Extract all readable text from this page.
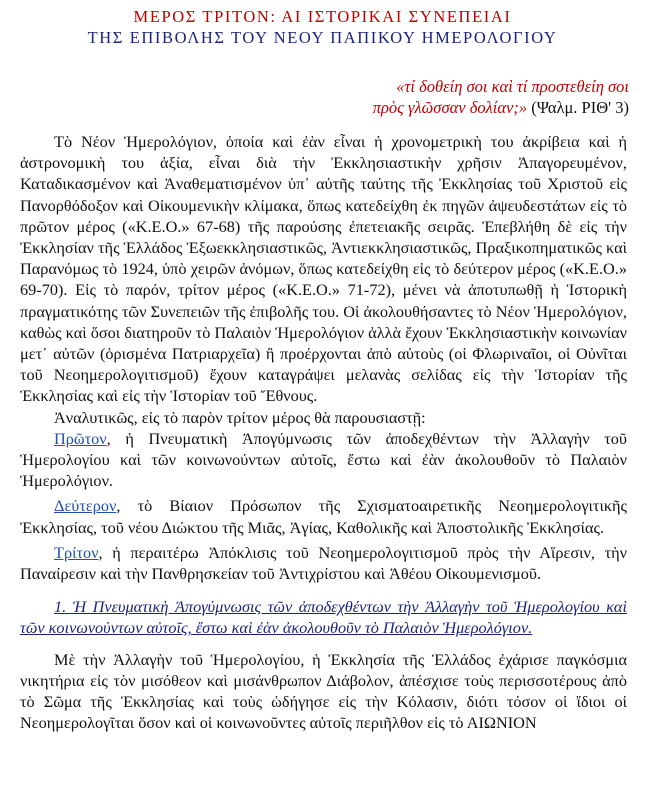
ΜΕΡΟΣ ΤΡΙΤΟΝ: ΑΙ ΙΣΤΟΡΙΚΑΙ ΣΥΝΕΠΕΙΑΙ
ΤΗΣ ΕΠΙΒΟΛΗΣ ΤΟΥ ΝΕΟΥ ΠΑΠΙΚΟΥ ΗΜΕΡΟΛΟΓΙΟΥ
«τί δοθείη σοι καὶ τί προστεθείη σοι
πρὸς γλῶσσαν δολίαν;» (Ψαλμ. ΡΙΘ' 3)

Τὸ Νέον Ἡμερολόγιον, ὁποία καὶ ἐὰν εἶναι ἡ χρονομετρικὴ του ἀκρίβεια καὶ ἡ ἀστρονομικὴ του ἀξία, εἶναι διὰ τὴν Ἐκκλησιαστικὴν χρῆσιν Ἀπαγορευμένον, Καταδικασμένον καὶ Ἀναθεματισμένον ὑπ᾽ αὐτῆς ταύτης τῆς Ἐκκλησίας τοῦ Χριστοῦ εἰς Πανορθόδοξον καὶ Οἰκουμενικὴν κλίμακα, ὅπως κατεδείχθη ἐκ πηγῶν ἀψευδεστάτων εἰς τὸ πρῶτον μέρος («Κ.Ε.Ο.» 67-68) τῆς παρούσης ἐπετειακῆς σειρᾶς. Ἐπεβλήθη δὲ εἰς τὴν Ἐκκλησίαν τῆς Ἑλλάδος Ἐξωεκκλησιαστικῶς, Ἀντιεκκλησιαστικῶς, Πραξικοπηματικῶς καὶ Παρανόμως τὸ 1924, ὑπὸ χειρῶν ἀνόμων, ὅπως κατεδείχθη εἰς τὸ δεύτερον μέρος («Κ.Ε.Ο.» 69-70). Εἰς τὸ παρόν, τρίτον μέρος («Κ.Ε.Ο.» 71-72), μένει νὰ ἀποτυπωθῇ ἡ Ἱστορικὴ πραγματικότης τῶν Συνεπειῶν τῆς ἐπιβολῆς του. Οἱ ἀκολουθήσαντες τὸ Νέον Ἡμερολόγιον, καθὼς καὶ ὅσοι διατηροῦν τὸ Παλαιὸν Ἡμερολόγιον ἀλλὰ ἔχουν Ἐκκλησιαστικὴν κοινωνίαν μετ᾽ αὐτῶν (ὁρισμένα Πατριαρχεῖα) ἢ προέρχονται ἀπὸ αὐτοὺς (οἱ Φλωριναῖοι, οἱ Οὐνῖται τοῦ Νεοημερολογιτισμοῦ) ἔχουν καταγράψει μελανὰς σελίδας εἰς τὴν Ἱστορίαν τῆς Ἐκκλησίας καὶ εἰς τὴν Ἱστορίαν τοῦ Ἔθνους.

Ἀναλυτικῶς, εἰς τὸ παρὸν τρίτον μέρος θὰ παρουσιαστῇ:

Πρῶτον, ἡ Πνευματικὴ Ἀπογύμνωσις τῶν ἀποδεχθέντων τὴν Ἀλλαγὴν τοῦ Ἡμερολογίου καὶ τῶν κοινωνούντων αὐτοῖς, ἔστω καὶ ἐὰν ἀκολουθοῦν τὸ Παλαιὸν Ἡμερολόγιον.

Δεύτερον, τὸ Βίαιον Πρόσωπον τῆς Σχισματοαιρετικῆς Νεοημερολογιτικῆς Ἐκκλησίας, τοῦ νέου Διώκτου τῆς Μιᾶς, Ἁγίας, Καθολικῆς καὶ Ἀποστολικῆς Ἐκκλησίας.

Τρίτον, ἡ περαιτέρω Ἀπόκλισις τοῦ Νεοημερολογιτισμοῦ πρὸς τὴν Αἵρεσιν, τὴν Παναίρεσιν καὶ τὴν Πανθρησκείαν τοῦ Ἀντιχρίστου καὶ Ἀθέου Οἰκουμενισμοῦ.

1. Ἡ Πνευματικὴ Ἀπογύμνωσις τῶν ἀποδεχθέντων τὴν Ἀλλαγὴν τοῦ Ἡμερολογίου καὶ τῶν κοινωνούντων αὐτοῖς, ἔστω καὶ ἐὰν ἀκολουθοῦν τὸ Παλαιὸν Ἡμερολόγιον.

Μὲ τὴν Ἀλλαγὴν τοῦ Ἡμερολογίου, ἡ Ἐκκλησία τῆς Ἑλλάδος ἐχάρισε παγκόσμια νικητήρια εἰς τὸν μισόθεον καὶ μισάνθρωπον Διάβολον, ἀπέσχισε τοὺς περισσοτέρους ἀπὸ τὸ Σῶμα τῆς Ἐκκλησίας καὶ τοὺς ὡδήγησε εἰς τὴν Κόλασιν, διότι τόσον οἱ ἴδιοι οἱ Νεοημερολογῖται ὅσον καὶ οἱ κοινωνοῦντες αὐτοῖς περιῆλθον εἰς τὸ ΑΙΩΝΙΟΝ
